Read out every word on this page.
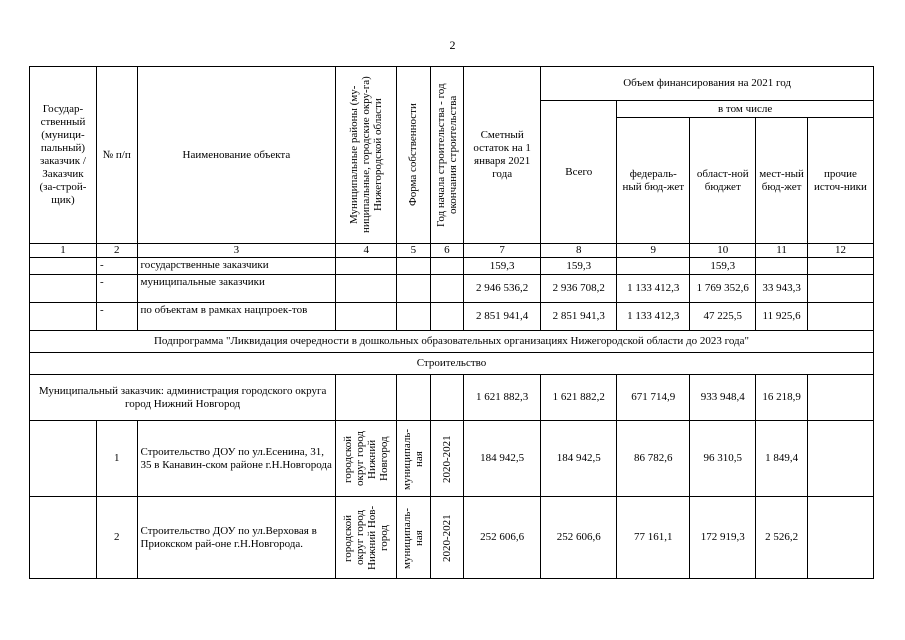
2
Государ-ственный (муници-пальный) заказчик / Заказчик (за-строй-щик)	№ п/п	Наименование объекта	Муниципальные районы (му-ниципальные, городские окру-га) Нижегородской области	Форма собственности	Год начала строительства - год окончания строительства	Сметный остаток на 1 января 2021 года	Объем финансирования на 2021 год				
							Всего	в том числе			
								федераль-ный бюд-жет	област-ной бюджет	мест-ный бюд-жет	прочие источ-ники
1	2	3	4	5	6	7	8	9	10	11	12
	-	государственные заказчики				159,3	159,3		159,3		
	-	муниципальные заказчики				2 946 536,2	2 936 708,2	1 133 412,3	1 769 352,6	33 943,3	
	-	по объектам в рамках нацпроек-тов				2 851 941,4	2 851 941,3	1 133 412,3	47 225,5	11 925,6	
Подпрограмма "Ликвидация очередности в дошкольных образовательных организациях Нижегородской области до 2023 года"											
Строительство											
Муниципальный заказчик: администрация городского округа город Нижний Новгород						1 621 882,3	1 621 882,2	671 714,9	933 948,4	16 218,9	
	1	Строительство ДОУ по ул.Есенина, 31, 35 в Канавин-ском районе г.Н.Новгорода	городской округ город Нижний Новгород	муниципаль-ная	2020-2021	184 942,5	184 942,5	86 782,6	96 310,5	1 849,4	
	2	Строительство ДОУ по ул.Верховая в Приокском рай-оне г.Н.Новгорода.	городской округ город Нижний Нов-город	муниципаль-ная	2020-2021	252 606,6	252 606,6	77 161,1	172 919,3	2 526,2	
